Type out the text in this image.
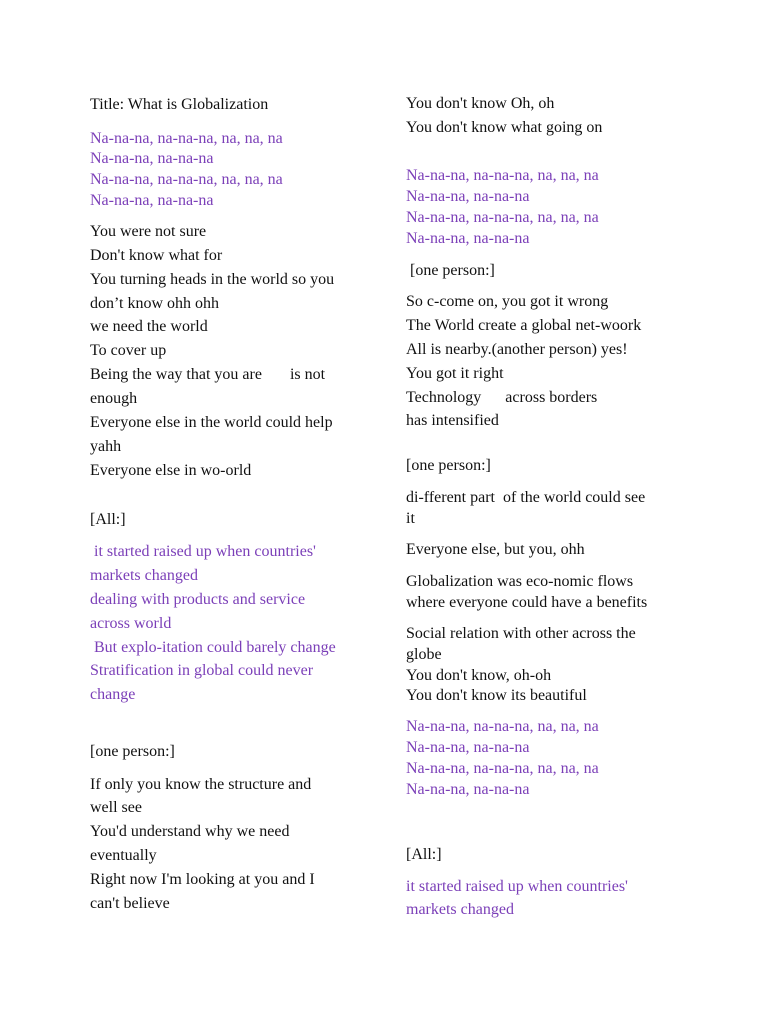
Title: What is Globalization
Na-na-na, na-na-na, na, na, na
Na-na-na, na-na-na
Na-na-na, na-na-na, na, na, na
Na-na-na, na-na-na
You were not sure
Don't know what for
You turning heads in the world so you
don’t know ohh ohh
we need the world
To cover up
Being the way that you are       is not
enough
Everyone else in the world could help
yahh
Everyone else in wo-orld
[All:]
it started raised up when countries'
markets changed
dealing with products and service
across world
But explo-itation could barely change
Stratification in global could never
change
[one person:]
If only you know the structure and
well see
You'd understand why we need
eventually
Right now I'm looking at you and I
can't believe
You don't know Oh, oh
You don't know what going on
Na-na-na, na-na-na, na, na, na
Na-na-na, na-na-na
Na-na-na, na-na-na, na, na, na
Na-na-na, na-na-na
[one person:]
So c-come on, you got it wrong
The World create a global net-woork
All is nearby.(another person) yes!
You got it right
Technology      across borders
has intensified
[one person:]
di-fferent part  of the world could see
it
Everyone else, but you, ohh
Globalization was eco-nomic flows
where everyone could have a benefits
Social relation with other across the
globe
You don't know, oh-oh
You don't know its beautiful
Na-na-na, na-na-na, na, na, na
Na-na-na, na-na-na
Na-na-na, na-na-na, na, na, na
Na-na-na, na-na-na
[All:]
it started raised up when countries'
markets changed
